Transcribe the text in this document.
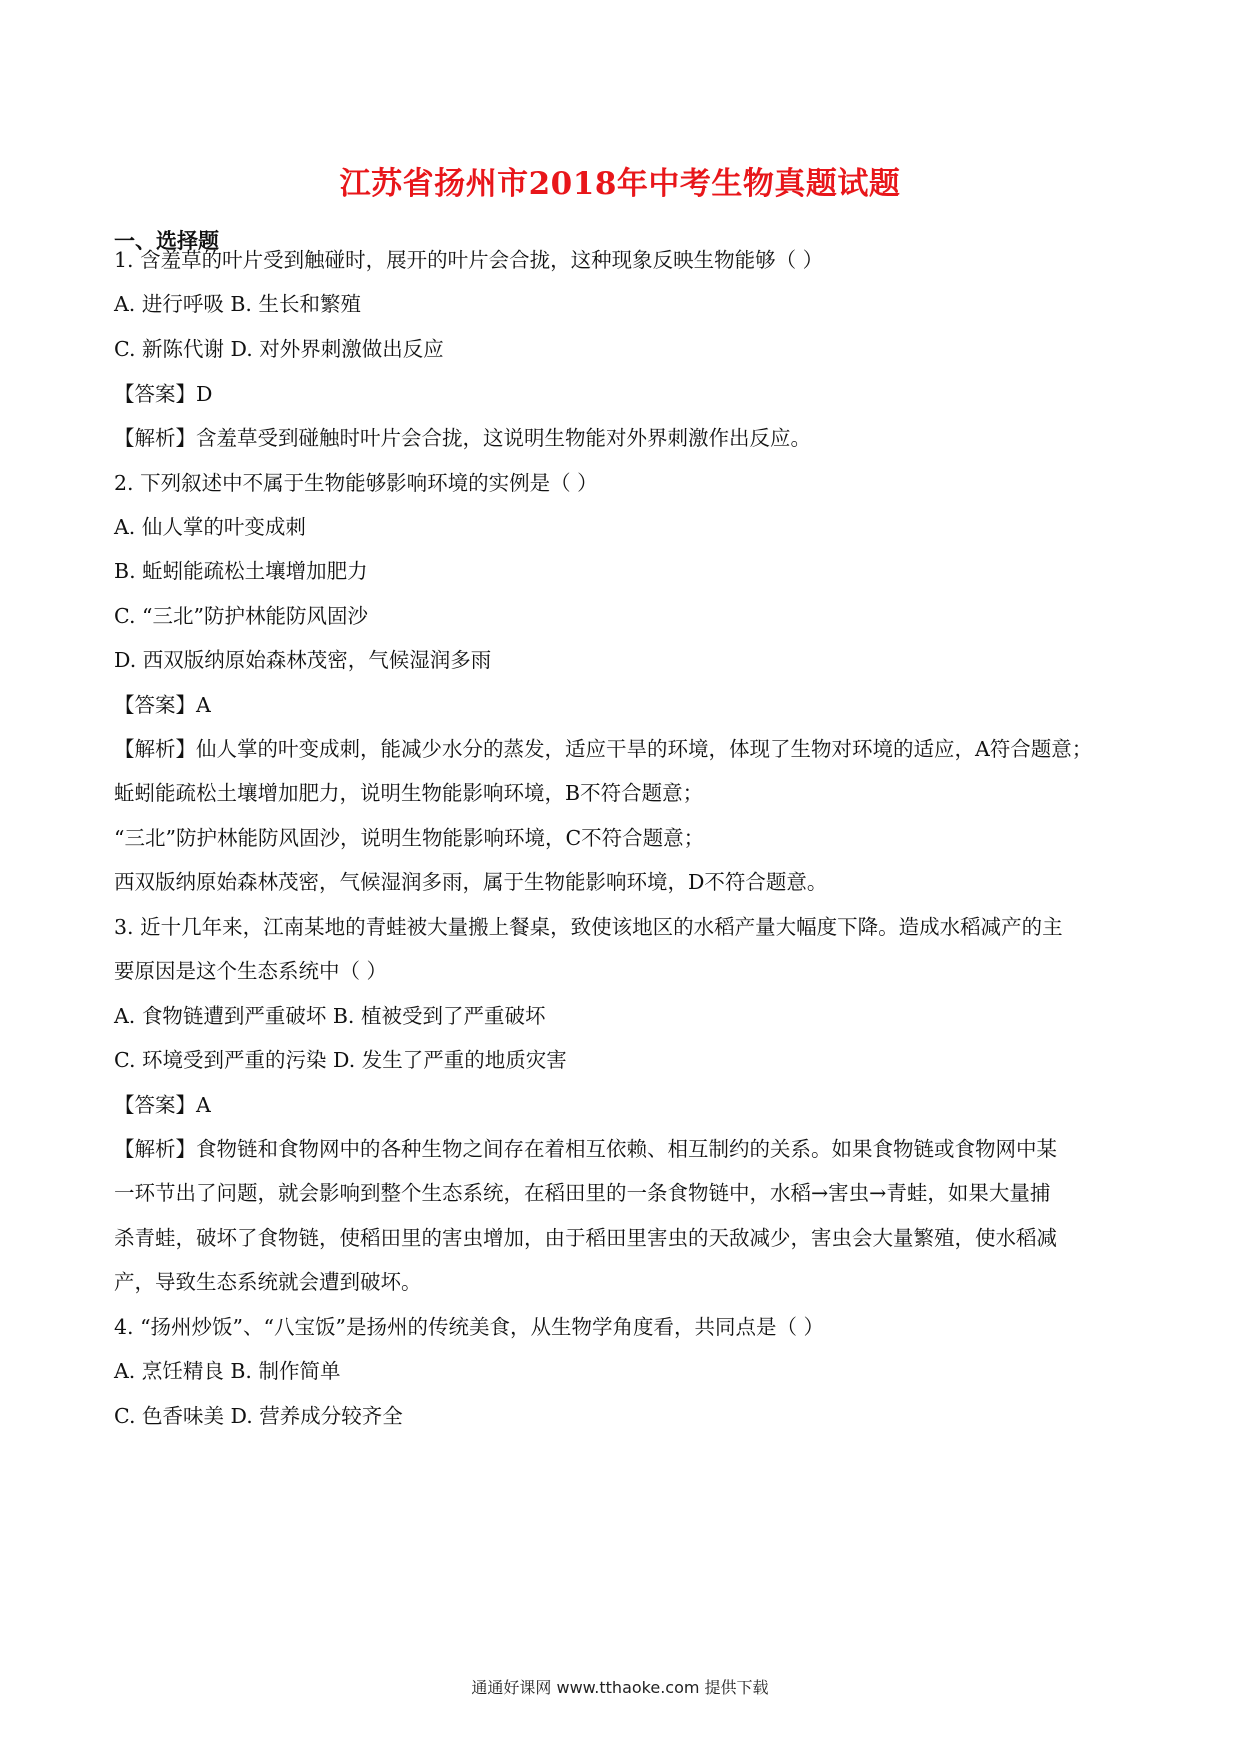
江苏省扬州市2018年中考生物真题试题
一、选择题
1. 含羞草的叶片受到触碰时，展开的叶片会合拢，这种现象反映生物能够（ ）
A. 进行呼吸 B. 生长和繁殖
C. 新陈代谢 D. 对外界刺激做出反应
【答案】D
【解析】含羞草受到碰触时叶片会合拢，这说明生物能对外界刺激作出反应。
2. 下列叙述中不属于生物能够影响环境的实例是（ ）
A. 仙人掌的叶变成刺
B. 蚯蚓能疏松土壤增加肥力
C. “三北”防护林能防风固沙
D. 西双版纳原始森林茂密，气候湿润多雨
【答案】A
【解析】仙人掌的叶变成刺，能减少水分的蒸发，适应干旱的环境，体现了生物对环境的适应，A符合题意；
蚯蚓能疏松土壤增加肥力，说明生物能影响环境，B不符合题意；
“三北”防护林能防风固沙，说明生物能影响环境，C不符合题意；
西双版纳原始森林茂密，气候湿润多雨，属于生物能影响环境，D不符合题意。
3. 近十几年来，江南某地的青蛙被大量搬上餐桌，致使该地区的水稻产量大幅度下降。造成水稻减产的主
要原因是这个生态系统中（ ）
A. 食物链遭到严重破坏 B. 植被受到了严重破坏
C. 环境受到严重的污染 D. 发生了严重的地质灾害
【答案】A
【解析】食物链和食物网中的各种生物之间存在着相互依赖、相互制约的关系。如果食物链或食物网中某
一环节出了问题，就会影响到整个生态系统，在稻田里的一条食物链中，水稻→害虫→青蛙，如果大量捕
杀青蛙，破坏了食物链，使稻田里的害虫增加，由于稻田里害虫的天敌减少，害虫会大量繁殖，使水稻减
产，导致生态系统就会遭到破坏。
4. “扬州炒饭”、“八宝饭”是扬州的传统美食，从生物学角度看，共同点是（ ）
A. 烹饪精良 B. 制作简单
C. 色香味美 D. 营养成分较齐全
通通好课网 www.tthaoke.com 提供下载
